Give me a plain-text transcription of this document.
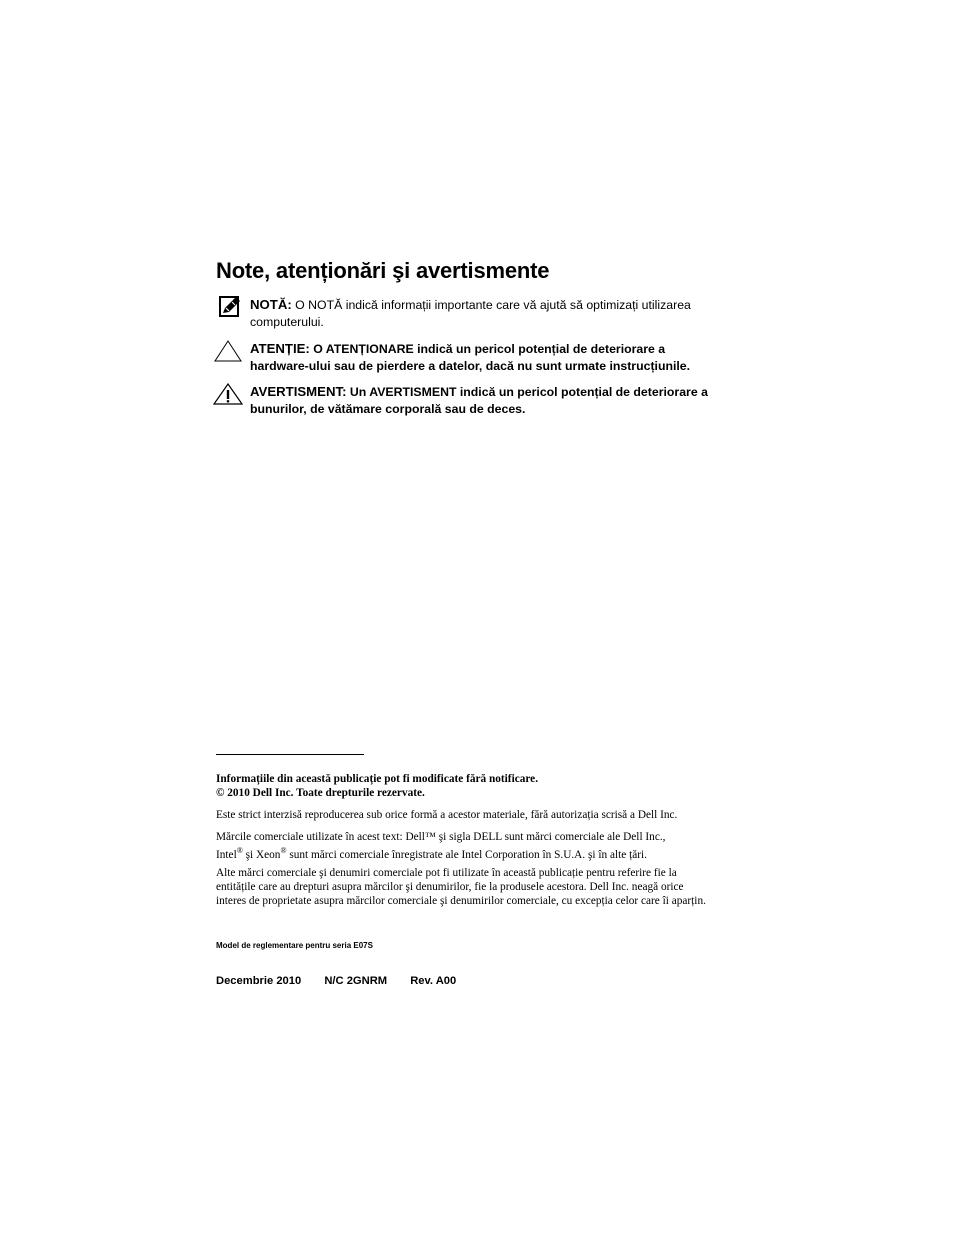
Note, atenționări şi avertismente
NOTĂ: O NOTĂ indică informații importante care vă ajută să optimizați utilizarea computerului.
ATENȚIE: O ATENȚIONARE indică un pericol potențial de deteriorare a hardware-ului sau de pierdere a datelor, dacă nu sunt urmate instrucțiunile.
AVERTISMENT: Un AVERTISMENT indică un pericol potențial de deteriorare a bunurilor, de vătămare corporală sau de deces.

Informațiile din această publicație pot fi modificate fără notificare.

© 2010 Dell Inc. Toate drepturile rezervate.

Este strict interzisă reproducerea sub orice formă a acestor materiale, fără autorizația scrisă a Dell Inc.

Mărcile comerciale utilizate în acest text: Dell™ şi sigla DELL sunt mărci comerciale ale Dell Inc.,

Intel® şi Xeon® sunt mărci comerciale înregistrate ale Intel Corporation în S.U.A. şi în alte țări.

Alte mărci comerciale şi denumiri comerciale pot fi utilizate în această publicație pentru referire fie la entitățile care au drepturi asupra mărcilor şi denumirilor, fie la produsele acestora. Dell Inc. neagă orice interes de proprietate asupra mărcilor comerciale şi denumirilor comerciale, cu excepția celor care îi aparțin.

Model de reglementare pentru seria E07S
Decembrie 2010 N/C 2GNRM Rev. A00
